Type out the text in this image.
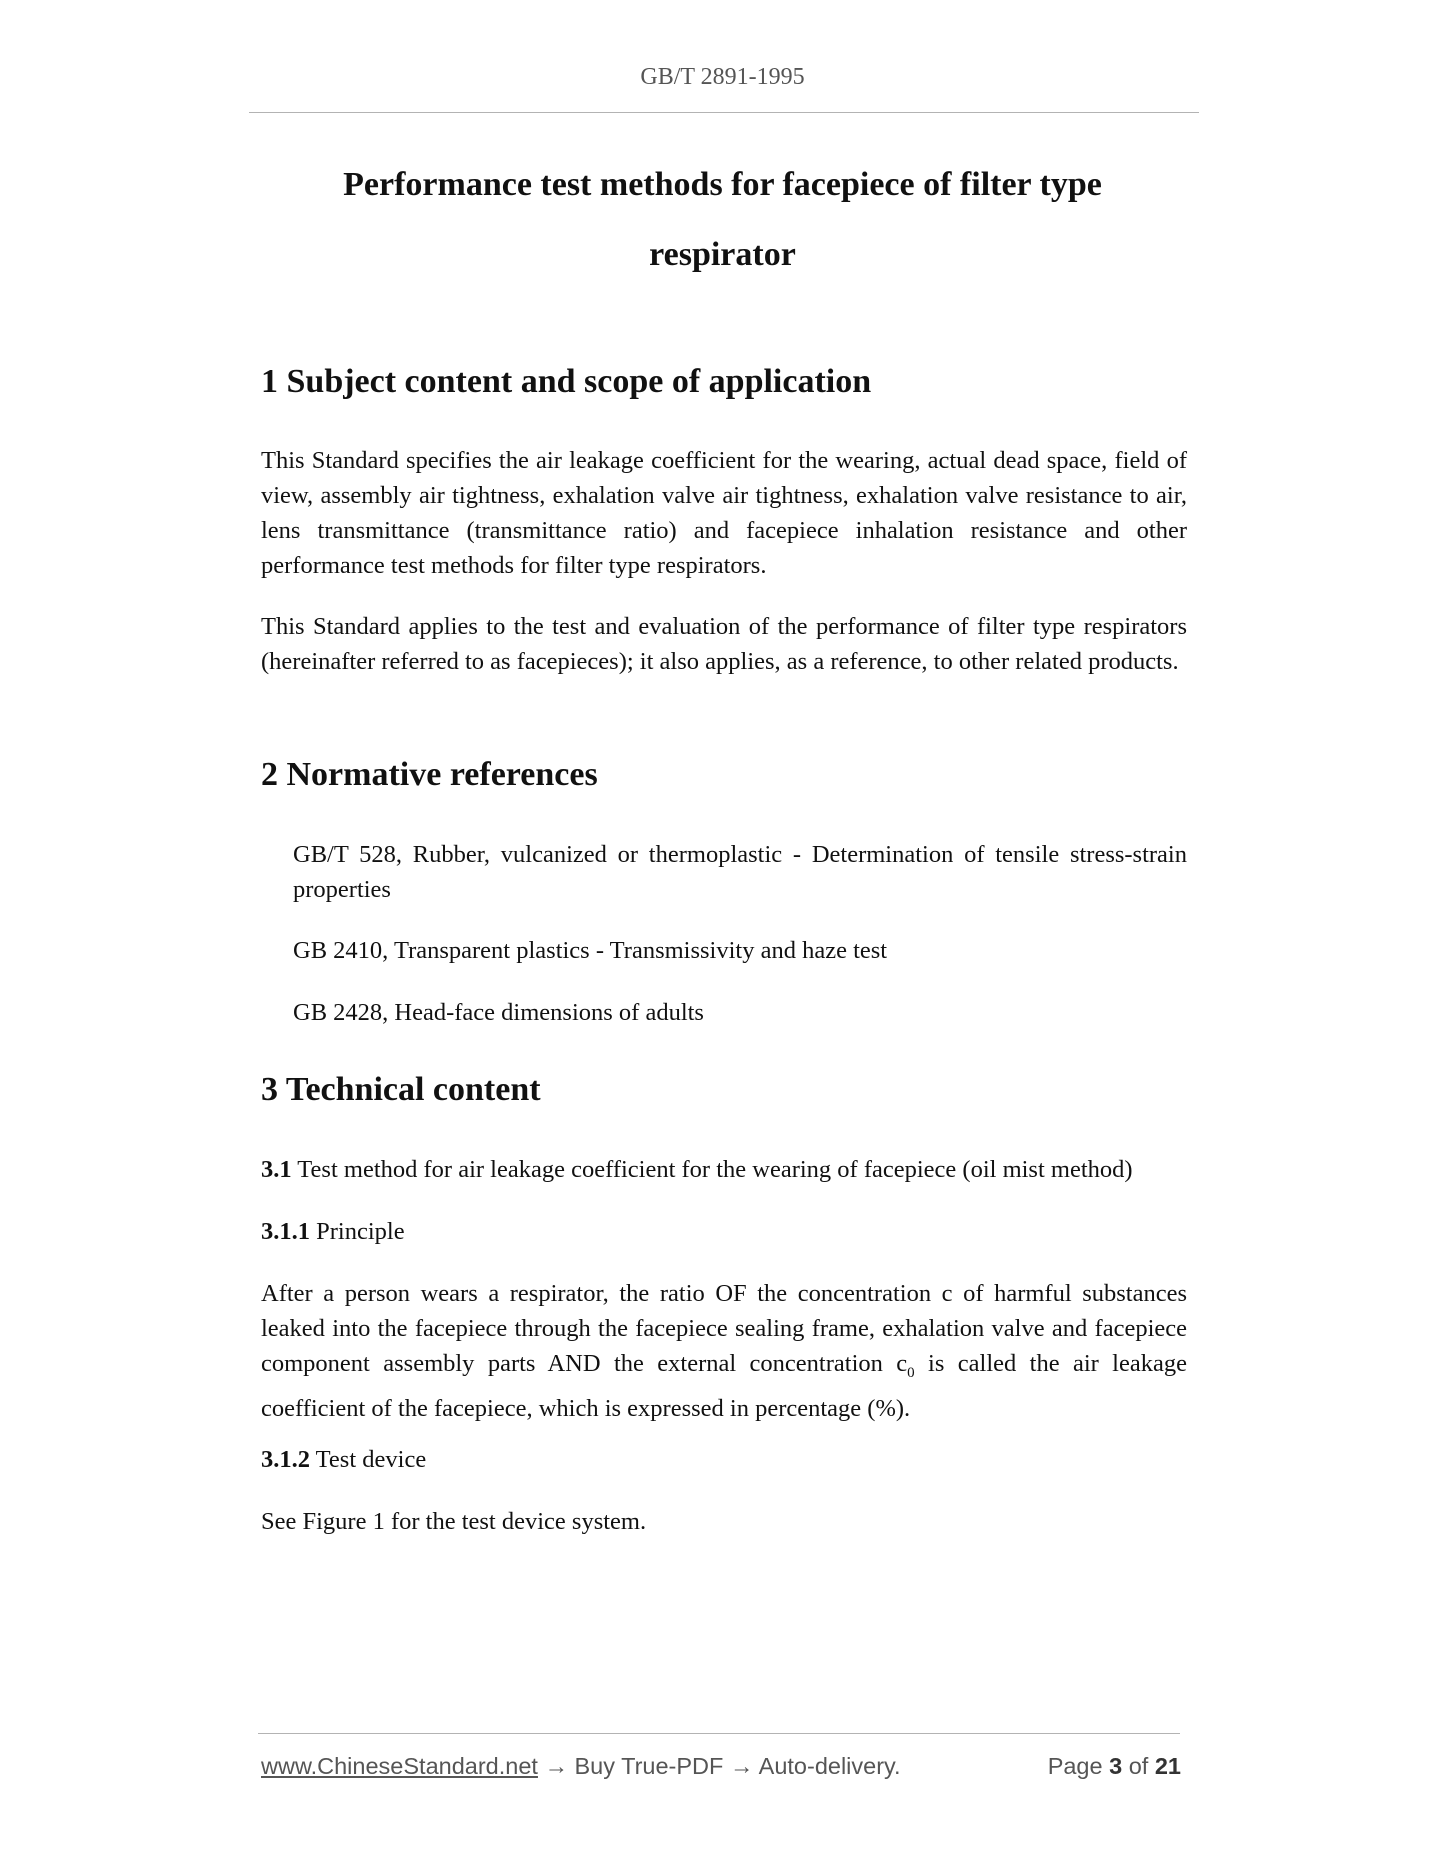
GB/T 2891-1995
Performance test methods for facepiece of filter type
respirator
1 Subject content and scope of application

This Standard specifies the air leakage coefficient for the wearing, actual dead space, field of view, assembly air tightness, exhalation valve air tightness, exhalation valve resistance to air, lens transmittance (transmittance ratio) and facepiece inhalation resistance and other performance test methods for filter type respirators.

This Standard applies to the test and evaluation of the performance of filter type respirators (hereinafter referred to as facepieces); it also applies, as a reference, to other related products.

2 Normative references

GB/T 528, Rubber, vulcanized or thermoplastic - Determination of tensile stress-strain properties

GB 2410, Transparent plastics - Transmissivity and haze test

GB 2428, Head-face dimensions of adults

3 Technical content

3.1 Test method for air leakage coefficient for the wearing of facepiece (oil mist method)

3.1.1 Principle

After a person wears a respirator, the ratio OF the concentration c of harmful substances leaked into the facepiece through the facepiece sealing frame, exhalation valve and facepiece component assembly parts AND the external concentration $c_0$ is called the air leakage coefficient of the facepiece, which is expressed in percentage (%).

3.1.2 Test device

See Figure 1 for the test device system.

www.ChineseStandard.net → Buy True-PDF → Auto-delivery.	Page 3 of 21
